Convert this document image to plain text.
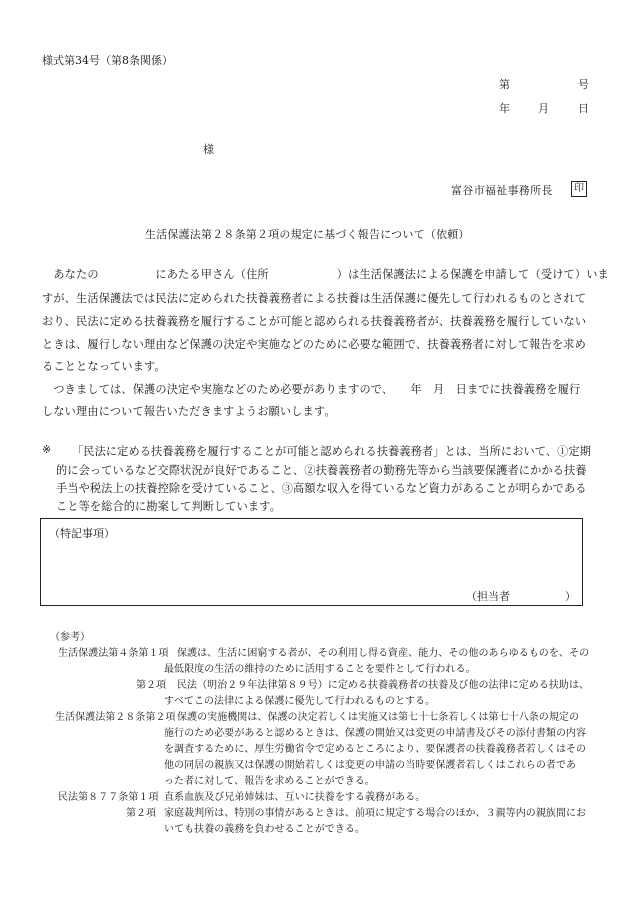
様式第34号（第8条関係）
第	号
年	月	日
様
富谷市福祉事務所長	印
生活保護法第２８条第２項の規定に基づく報告について（依頼）
　あなたの　　　　　にあたる甲さん（住所　　　　　　）は生活保護法による保護を申請して（受けて）いま
すが、生活保護法では民法に定められた扶養義務者による扶養は生活保護に優先して行われるものとされて
おり、民法に定める扶養義務を履行することが可能と認められる扶養義務者が、扶養義務を履行していない
ときは、履行しない理由など保護の決定や実施などのために必要な範囲で、扶養義務者に対して報告を求め
ることとなっています。
　つきましては、保護の決定や実施などのため必要がありますので、　　年　月　日までに扶養義務を履行
しない理由について報告いただきますようお願いします。
※ 「民法に定める扶養義務を履行することが可能と認められる扶養義務者」とは、当所において、①定期
的に会っているなど交際状況が良好であること、②扶養義務者の勤務先等から当該要保護者にかかる扶養
手当や税法上の扶養控除を受けていること、③高額な収入を得ているなど資力があることが明らかである
こと等を総合的に勘案して判断しています。
（特記事項）
（担当者　　　　　）
（参考）
生活保護法第４条第１項 保護は、生活に困窮する者が、その利用し得る資産、能力、その他のあらゆるものを、その
最低限度の生活の維持のために活用することを要件として行われる。
第２項 民法（明治２９年法律第８９号）に定める扶養義務者の扶養及び他の法律に定める扶助は、
すべてこの法律による保護に優先して行われるものとする。
生活保護法第２８条第２項 保護の実施機関は、保護の決定若しくは実施又は第七十七条若しくは第七十八条の規定の
施行のため必要があると認めるときは、保護の開始又は変更の申請書及びその添付書類の内容
を調査するために、厚生労働省令で定めるところにより、要保護者の扶養義務者若しくはその
他の同居の親族又は保護の開始若しくは変更の申請の当時要保護者若しくはこれらの者であ
った者に対して、報告を求めることができる。
民法第８７７条第１項 直系血族及び兄弟姉妹は、互いに扶養をする義務がある。
第２項 家庭裁判所は、特別の事情があるときは、前項に規定する場合のほか、３親等内の親族間にお
いても扶養の義務を負わせることができる。
